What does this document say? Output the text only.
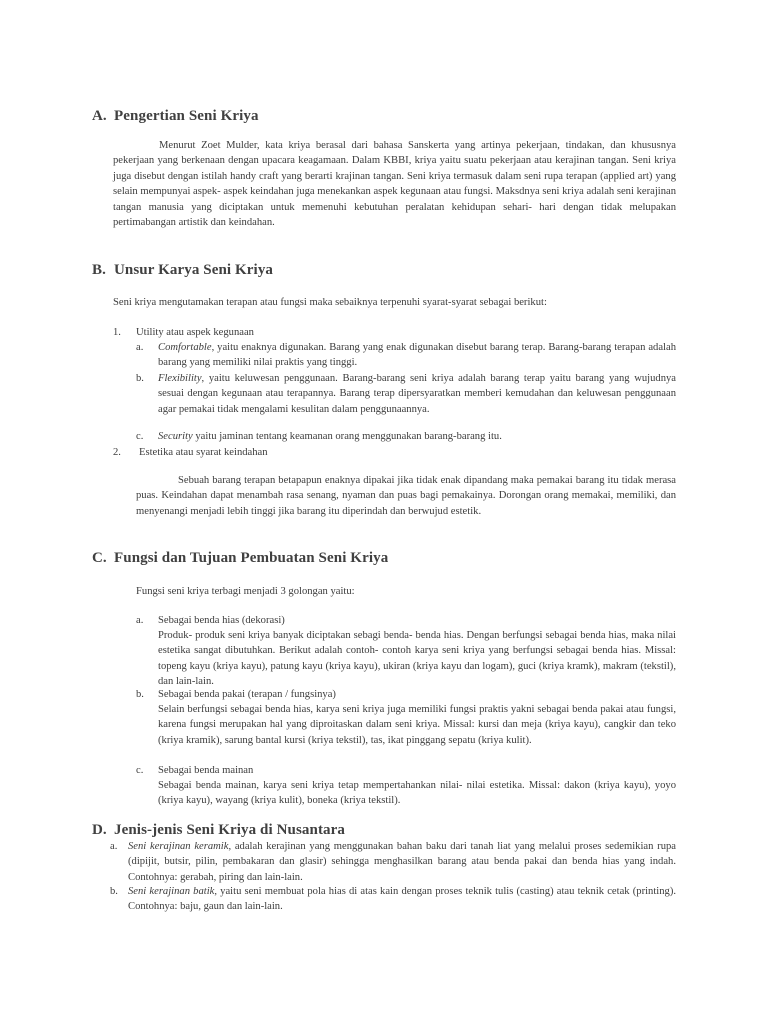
A. Pengertian Seni Kriya
Menurut Zoet Mulder, kata kriya berasal dari bahasa Sanskerta yang artinya pekerjaan, tindakan, dan khususnya pekerjaan yang berkenaan dengan upacara keagamaan. Dalam KBBI, kriya yaitu suatu pekerjaan atau kerajinan tangan. Seni kriya juga disebut dengan istilah handy craft yang berarti krajinan tangan. Seni kriya termasuk dalam seni rupa terapan (applied art) yang selain mempunyai aspek- aspek keindahan juga menekankan aspek kegunaan atau fungsi. Maksdnya seni kriya adalah seni kerajinan tangan manusia yang diciptakan untuk memenuhi kebutuhan peralatan kehidupan sehari- hari dengan tidak melupakan pertimabangan artistik dan keindahan.
B. Unsur Karya Seni Kriya
Seni kriya mengutamakan terapan atau fungsi maka sebaiknya terpenuhi syarat-syarat sebagai berikut:
1. Utility atau aspek kegunaan
a. Comfortable, yaitu enaknya digunakan. Barang yang enak digunakan disebut barang terap. Barang-barang terapan adalah barang yang memiliki nilai praktis yang tinggi.
b. Flexibility, yaitu keluwesan penggunaan. Barang-barang seni kriya adalah barang terap yaitu barang yang wujudnya sesuai dengan kegunaan atau terapannya. Barang terap dipersyaratkan memberi kemudahan dan keluwesan penggunaan agar pemakai tidak mengalami kesulitan dalam penggunaannya.
c. Security yaitu jaminan tentang keamanan orang menggunakan barang-barang itu.
2. Estetika atau syarat keindahan
Sebuah barang terapan betapapun enaknya dipakai jika tidak enak dipandang maka pemakai barang itu tidak merasa puas. Keindahan dapat menambah rasa senang, nyaman dan puas bagi pemakainya. Dorongan orang memakai, memiliki, dan menyenangi menjadi lebih tinggi jika barang itu diperindah dan berwujud estetik.
C. Fungsi dan Tujuan Pembuatan Seni Kriya
Fungsi seni kriya terbagi menjadi 3 golongan yaitu:
a. Sebagai benda hias (dekorasi)
Produk- produk seni kriya banyak diciptakan sebagi benda- benda hias. Dengan berfungsi sebagai benda hias, maka nilai estetika sangat dibutuhkan. Berikut adalah contoh- contoh karya seni kriya yang berfungsi sebagai benda hias. Missal: topeng kayu (kriya kayu), patung kayu (kriya kayu), ukiran (kriya kayu dan logam), guci (kriya kramk), makram (tekstil), dan lain-lain.
b. Sebagai benda pakai (terapan / fungsinya)
Selain berfungsi sebagai benda hias, karya seni kriya juga memiliki fungsi praktis yakni sebagai benda pakai atau fungsi, karena fungsi merupakan hal yang diproitaskan dalam seni kriya. Missal: kursi dan meja (kriya kayu), cangkir dan teko (kriya kramik), sarung bantal kursi (kriya tekstil), tas, ikat pinggang sepatu (kriya kulit).
c. Sebagai benda mainan
Sebagai benda mainan, karya seni kriya tetap mempertahankan nilai- nilai estetika. Missal: dakon (kriya kayu), yoyo (kriya kayu), wayang (kriya kulit), boneka (kriya tekstil).
D. Jenis-jenis Seni Kriya di Nusantara
a. Seni kerajinan keramik, adalah kerajinan yang menggunakan bahan baku dari tanah liat yang melalui proses sedemikian rupa (dipijit, butsir, pilin, pembakaran dan glasir) sehingga menghasilkan barang atau benda pakai dan benda hias yang indah. Contohnya: gerabah, piring dan lain-lain.
b. Seni kerajinan batik, yaitu seni membuat pola hias di atas kain dengan proses teknik tulis (casting) atau teknik cetak (printing). Contohnya: baju, gaun dan lain-lain.
